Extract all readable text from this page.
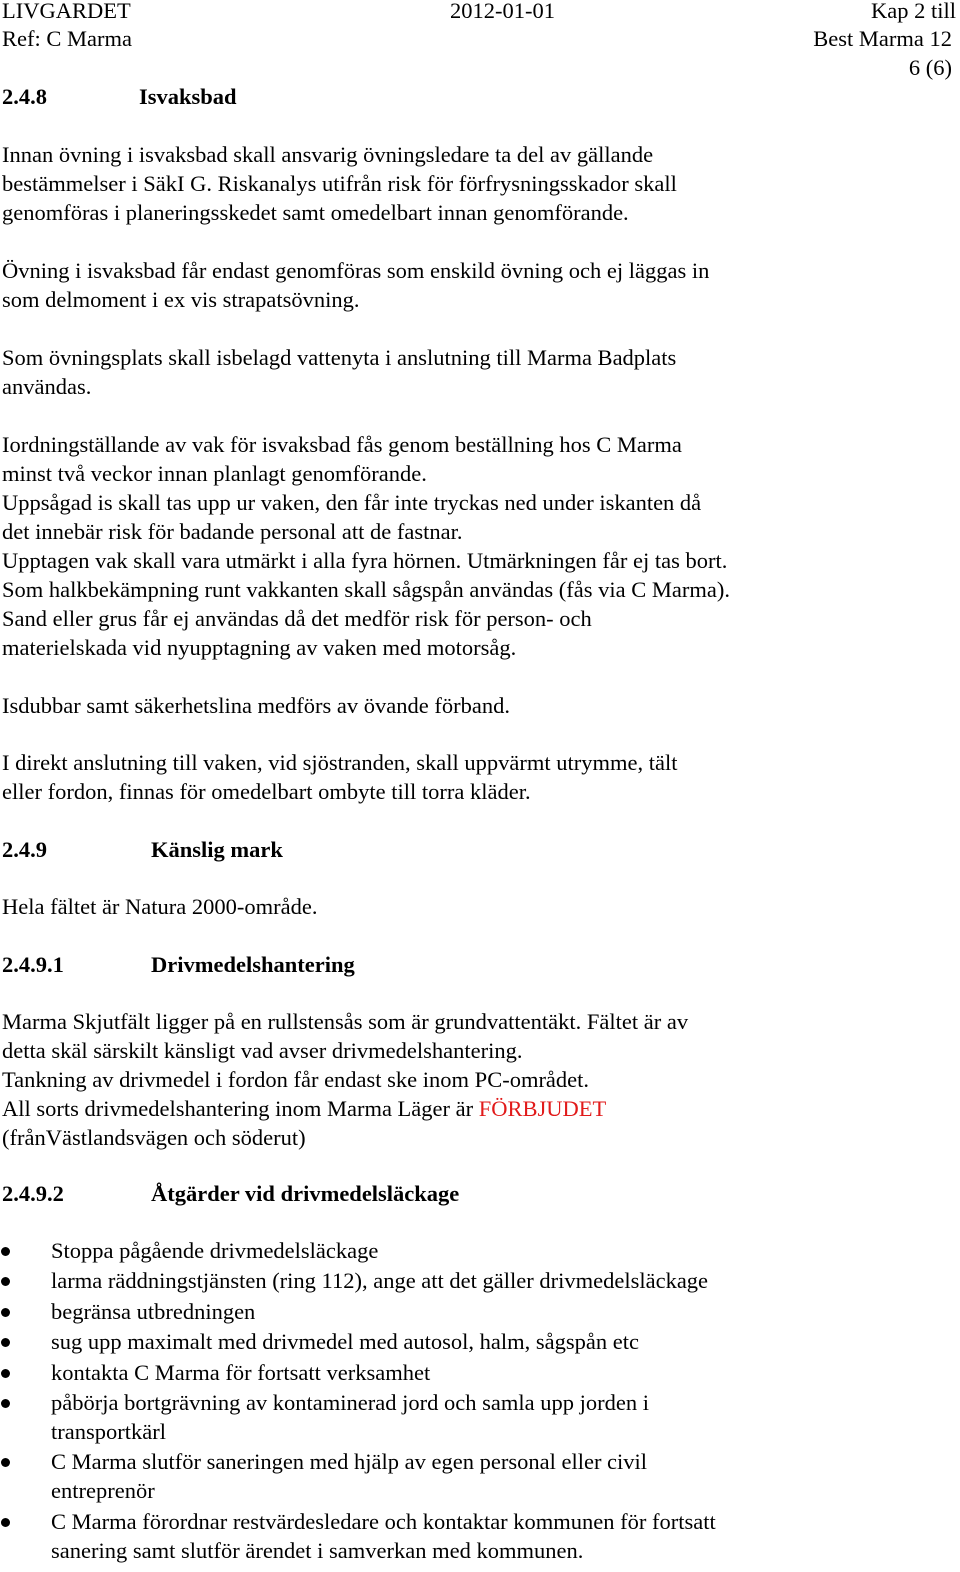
LIVGARDET	2012-01-01	Kap 2 till
Ref: C Marma	Best Marma 12
6 (6)
2.4.8	Isvaksbad
Innan övning i isvaksbad skall ansvarig övningsledare ta del av gällande
bestämmelser i SäkI G. Riskanalys utifrån risk för förfrysningsskador skall
genomföras i planeringsskedet samt omedelbart innan genomförande.
Övning i isvaksbad får endast genomföras som enskild övning och ej läggas in
som delmoment i ex vis strapatsövning.
Som övningsplats skall isbelagd vattenyta i anslutning till Marma Badplats
användas.
Iordningställande av vak för isvaksbad fås genom beställning hos C Marma
minst två veckor innan planlagt genomförande.
Uppsågad is skall tas upp ur vaken, den får inte tryckas ned under iskanten då
det innebär risk för badande personal att de fastnar.
Upptagen vak skall vara utmärkt i alla fyra hörnen. Utmärkningen får ej tas bort.
Som halkbekämpning runt vakkanten skall sågspån användas (fås via C Marma).
Sand eller grus får ej användas då det medför risk för person- och
materielskada vid nyupptagning av vaken med motorsåg.
Isdubbar samt säkerhetslina medförs av övande förband.
I direkt anslutning till vaken, vid sjöstranden, skall uppvärmt utrymme, tält
eller fordon, finnas för omedelbart ombyte till torra kläder.
2.4.9	Känslig mark
Hela fältet är Natura 2000-område.
2.4.9.1	Drivmedelshantering
Marma Skjutfält ligger på en rullstensås som är grundvattentäkt. Fältet är av
detta skäl särskilt känsligt vad avser drivmedelshantering.
Tankning av drivmedel i fordon får endast ske inom PC-området.
All sorts drivmedelshantering inom Marma Läger är FÖRBJUDET
(frånVästlandsvägen och söderut)
2.4.9.2	Åtgärder vid drivmedelsläckage
Stoppa pågående drivmedelsläckage
larma räddningstjänsten (ring 112), ange att det gäller drivmedelsläckage
begränsa utbredningen
sug upp maximalt med drivmedel med autosol, halm, sågspån etc
kontakta C Marma för fortsatt verksamhet
påbörja bortgrävning av kontaminerad jord och samla upp jorden i
transportkärl
C Marma slutför saneringen med hjälp av egen personal eller civil
entreprenör
C Marma förordnar restvärdesledare och kontaktar kommunen för fortsatt
sanering samt slutför ärendet i samverkan med kommunen.
